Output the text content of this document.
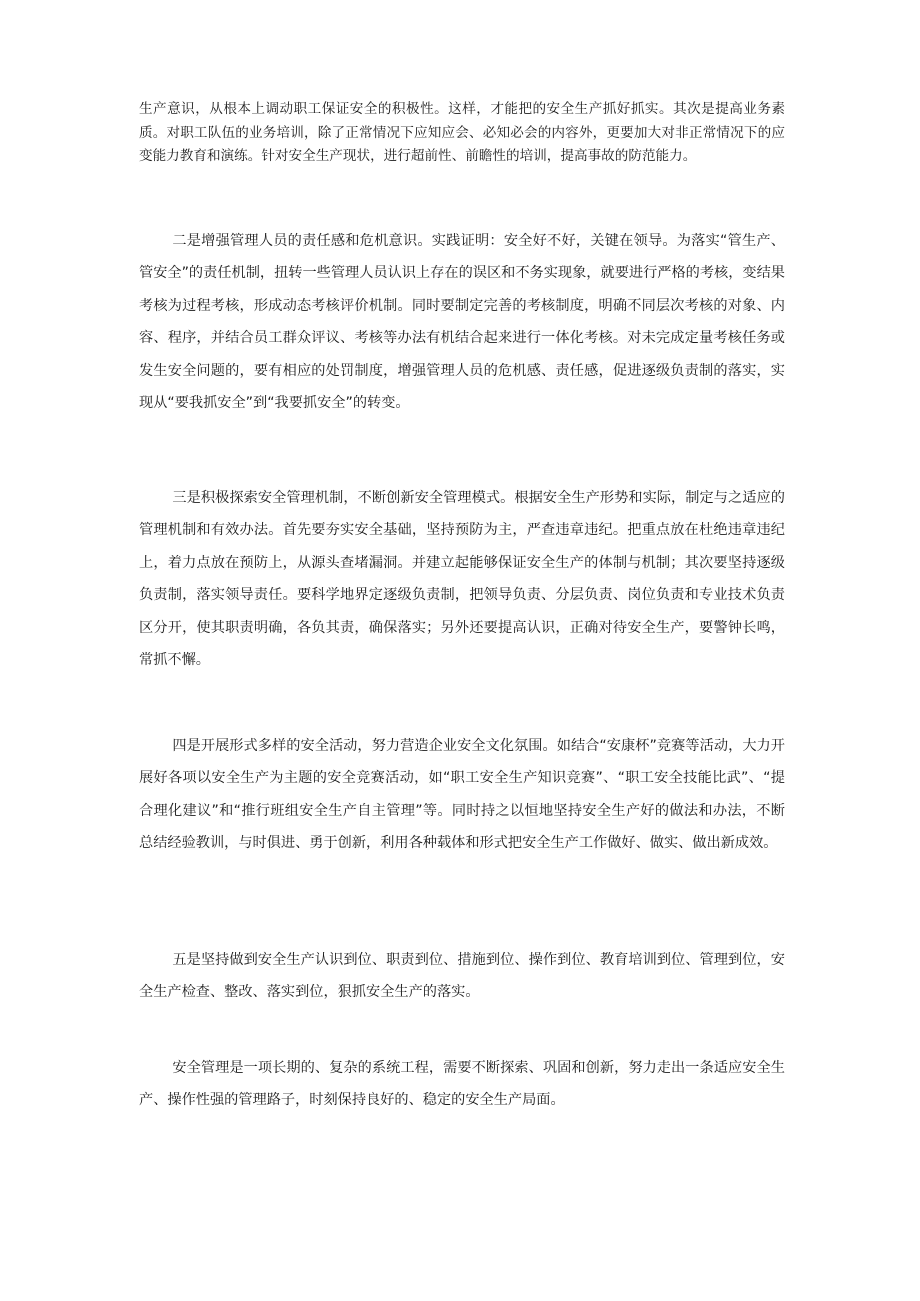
生产意识，从根本上调动职工保证安全的积极性。这样，才能把的安全生产抓好抓实。其次是提高业务素质。对职工队伍的业务培训，除了正常情况下应知应会、必知必会的内容外，更要加大对非正常情况下的应变能力教育和演练。针对安全生产现状，进行超前性、前瞻性的培训，提高事故的防范能力。

二是增强管理人员的责任感和危机意识。实践证明：安全好不好，关键在领导。为落实“管生产、管安全”的责任机制，扭转一些管理人员认识上存在的误区和不务实现象，就要进行严格的考核，变结果考核为过程考核，形成动态考核评价机制。同时要制定完善的考核制度，明确不同层次考核的对象、内容、程序，并结合员工群众评议、考核等办法有机结合起来进行一体化考核。对未完成定量考核任务或发生安全问题的，要有相应的处罚制度，增强管理人员的危机感、责任感，促进逐级负责制的落实，实现从“要我抓安全”到“我要抓安全”的转变。

三是积极探索安全管理机制，不断创新安全管理模式。根据安全生产形势和实际，制定与之适应的管理机制和有效办法。首先要夯实安全基础，坚持预防为主，严查违章违纪。把重点放在杜绝违章违纪上，着力点放在预防上，从源头查堵漏洞。并建立起能够保证安全生产的体制与机制；其次要坚持逐级负责制，落实领导责任。要科学地界定逐级负责制，把领导负责、分层负责、岗位负责和专业技术负责区分开，使其职责明确，各负其责，确保落实；另外还要提高认识，正确对待安全生产，要警钟长鸣，常抓不懈。

四是开展形式多样的安全活动，努力营造企业安全文化氛围。如结合“安康杯”竞赛等活动，大力开展好各项以安全生产为主题的安全竞赛活动，如“职工安全生产知识竞赛”、“职工安全技能比武”、“提合理化建议”和“推行班组安全生产自主管理”等。同时持之以恒地坚持安全生产好的做法和办法，不断总结经验教训，与时俱进、勇于创新，利用各种载体和形式把安全生产工作做好、做实、做出新成效。

五是坚持做到安全生产认识到位、职责到位、措施到位、操作到位、教育培训到位、管理到位，安全生产检查、整改、落实到位，狠抓安全生产的落实。

安全管理是一项长期的、复杂的系统工程，需要不断探索、巩固和创新，努力走出一条适应安全生产、操作性强的管理路子，时刻保持良好的、稳定的安全生产局面。
